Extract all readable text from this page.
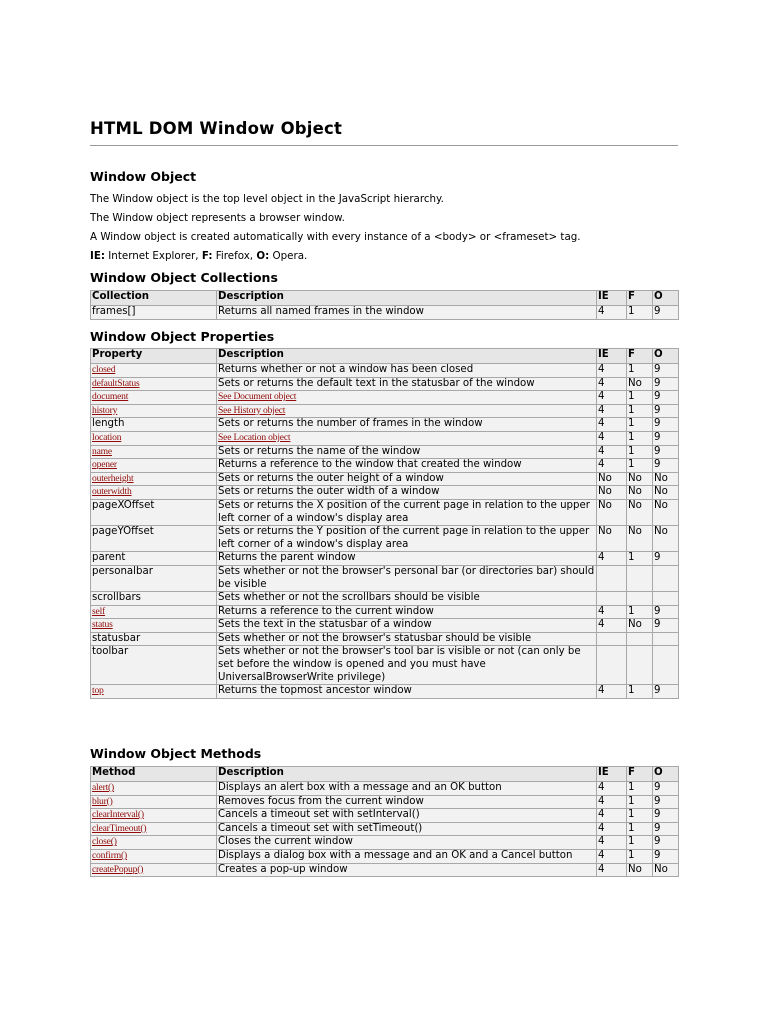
HTML DOM Window Object
Window Object
The Window object is the top level object in the JavaScript hierarchy.
The Window object represents a browser window.
A Window object is created automatically with every instance of a <body> or <frameset> tag.
IE: Internet Explorer, F: Firefox, O: Opera.
Window Object Collections
Collection	Description	IE	F	O
frames[]	Returns all named frames in the window	4	1	9
Window Object Properties
Property	Description	IE	F	O
closed	Returns whether or not a window has been closed	4	1	9
defaultStatus	Sets or returns the default text in the statusbar of the window	4	No	9
document	See Document object	4	1	9
history	See History object	4	1	9
length	Sets or returns the number of frames in the window	4	1	9
location	See Location object	4	1	9
name	Sets or returns the name of the window	4	1	9
opener	Returns a reference to the window that created the window	4	1	9
outerheight	Sets or returns the outer height of a window	No	No	No
outerwidth	Sets or returns the outer width of a window	No	No	No
pageXOffset	Sets or returns the X position of the current page in relation to the upper left corner of a window's display area	No	No	No
pageYOffset	Sets or returns the Y position of the current page in relation to the upper left corner of a window's display area	No	No	No
parent	Returns the parent window	4	1	9
personalbar	Sets whether or not the browser's personal bar (or directories bar) should be visible			
scrollbars	Sets whether or not the scrollbars should be visible			
self	Returns a reference to the current window	4	1	9
status	Sets the text in the statusbar of a window	4	No	9
statusbar	Sets whether or not the browser's statusbar should be visible			
toolbar	Sets whether or not the browser's tool bar is visible or not (can only be set before the window is opened and you must have UniversalBrowserWrite privilege)			
top	Returns the topmost ancestor window	4	1	9
Window Object Methods
Method	Description	IE	F	O
alert()	Displays an alert box with a message and an OK button	4	1	9
blur()	Removes focus from the current window	4	1	9
clearInterval()	Cancels a timeout set with setInterval()	4	1	9
clearTimeout()	Cancels a timeout set with setTimeout()	4	1	9
close()	Closes the current window	4	1	9
confirm()	Displays a dialog box with a message and an OK and a Cancel button	4	1	9
createPopup()	Creates a pop-up window	4	No	No
